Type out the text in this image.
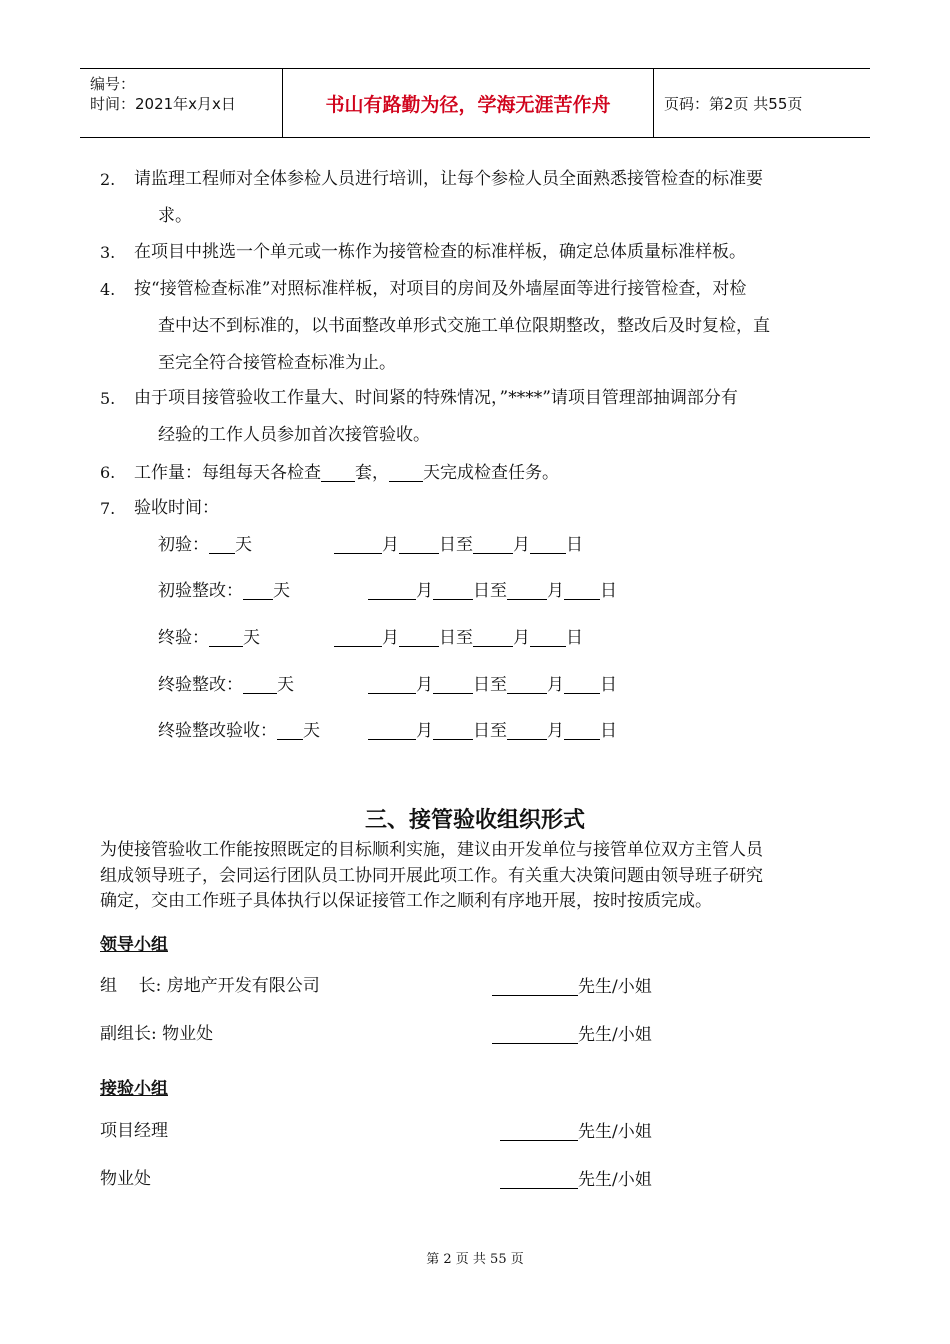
编号：
时间：2021年x月x日	书山有路勤为径，学海无涯苦作舟	页码：第2页 共55页
2. 请监理工程师对全体参检人员进行培训，让每个参检人员全面熟悉接管检查的标准要
求。
3. 在项目中挑选一个单元或一栋作为接管检查的标准样板，确定总体质量标准样板。
4. 按“接管检查标准”对照标准样板，对项目的房间及外墙屋面等进行接管检查，对检
查中达不到标准的，以书面整改单形式交施工单位限期整改，整改后及时复检，直
至完全符合接管检查标准为止。
5. 由于项目接管验收工作量大、时间紧的特殊情况，”****”请项目管理部抽调部分有
经验的工作人员参加首次接管验收。
6. 工作量：每组每天各检查 套， 天完成检查任务。
7. 验收时间：
初验： 天	月 日至 月 日
初验整改： 天	月 日至 月 日
终验： 天	月 日至 月 日
终验整改： 天	月 日至 月 日
终验整改验收： 天	月 日至 月 日
三、接管验收组织形式
为使接管验收工作能按照既定的目标顺利实施，建议由开发单位与接管单位双方主管人员
组成领导班子，会同运行团队员工协同开展此项工作。有关重大决策问题由领导班子研究
确定，交由工作班子具体执行以保证接管工作之顺利有序地开展，按时按质完成。
领导小组
组    长: 房地产开发有限公司	先生/小姐
副组长: 物业处	先生/小姐
接验小组
项目经理	先生/小姐
物业处	先生/小姐
第 2 页 共 55 页
